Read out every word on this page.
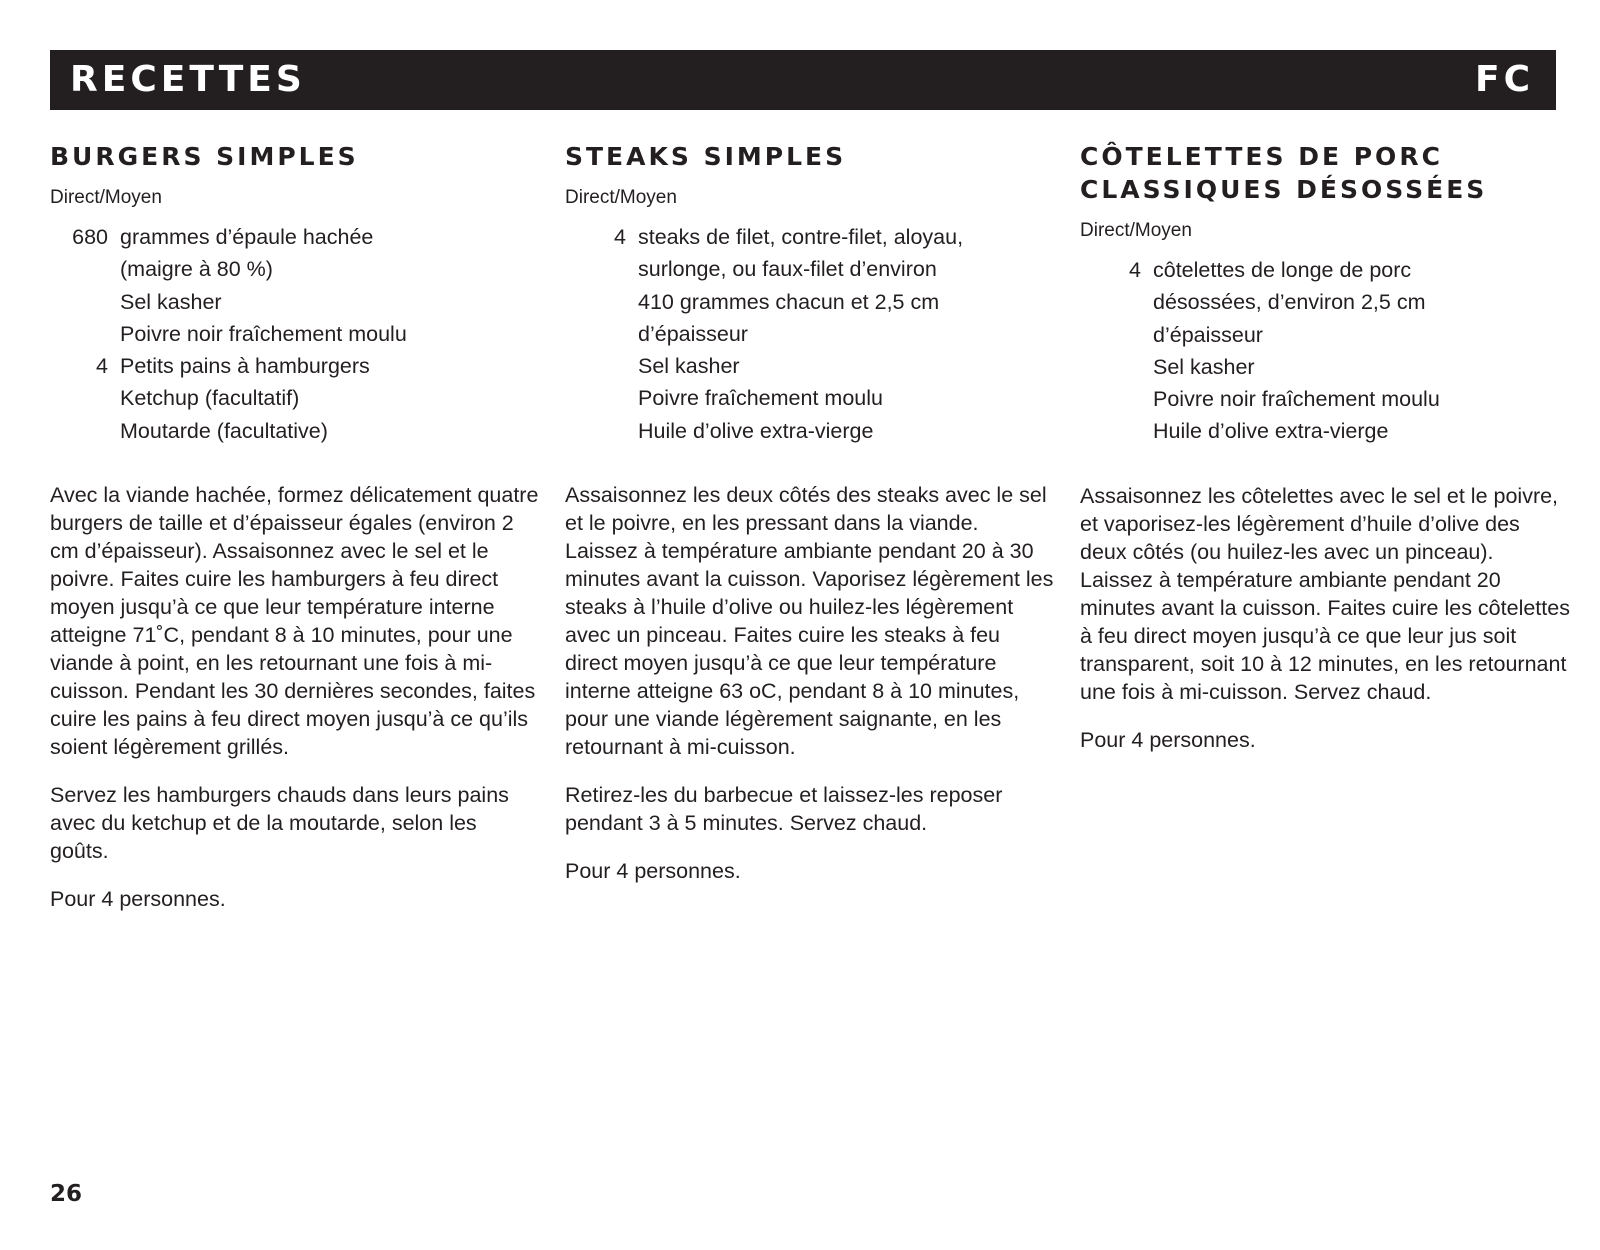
RECETTES	FC
BURGERS SIMPLES
Direct/Moyen
680 grammes d’épaule hachée
(maigre à 80 %)
Sel kasher
Poivre noir fraîchement moulu
4 Petits pains à hamburgers
Ketchup (facultatif)
Moutarde (facultative)

Avec la viande hachée, formez délicatement quatre burgers de taille et d’épaisseur égales (environ 2 cm d’épaisseur). Assaisonnez avec le sel et le poivre. Faites cuire les hamburgers à feu direct moyen jusqu’à ce que leur température interne atteigne 71˚C, pendant 8 à 10 minutes, pour une viande à point, en les retournant une fois à mi-cuisson. Pendant les 30 dernières secondes, faites cuire les pains à feu direct moyen jusqu’à ce qu’ils soient légèrement grillés.

Servez les hamburgers chauds dans leurs pains avec du ketchup et de la moutarde, selon les goûts.

Pour 4 personnes.

STEAKS SIMPLES
Direct/Moyen
4 steaks de filet, contre-filet, aloyau,
surlonge, ou faux-filet d’environ
410 grammes chacun et 2,5 cm
d’épaisseur
Sel kasher
Poivre fraîchement moulu
Huile d’olive extra-vierge

Assaisonnez les deux côtés des steaks avec le sel et le poivre, en les pressant dans la viande. Laissez à température ambiante pendant 20 à 30 minutes avant la cuisson. Vaporisez légèrement les steaks à l’huile d’olive ou huilez-les légèrement avec un pinceau. Faites cuire les steaks à feu direct moyen jusqu’à ce que leur température interne atteigne 63 oC, pendant 8 à 10 minutes, pour une viande légèrement saignante, en les retournant à mi-cuisson.

Retirez-les du barbecue et laissez-les reposer pendant 3 à 5 minutes. Servez chaud.

Pour 4 personnes.

CÔTELETTES DE PORC CLASSIQUES DÉSOSSÉES
Direct/Moyen
4 côtelettes de longe de porc
désossées, d’environ 2,5 cm
d’épaisseur
Sel kasher
Poivre noir fraîchement moulu
Huile d’olive extra-vierge

Assaisonnez les côtelettes avec le sel et le poivre, et vaporisez-les légèrement d’huile d’olive des deux côtés (ou huilez-les avec un pinceau). Laissez à température ambiante pendant 20 minutes avant la cuisson. Faites cuire les côtelettes à feu direct moyen jusqu’à ce que leur jus soit transparent, soit 10 à 12 minutes, en les retournant une fois à mi-cuisson. Servez chaud.

Pour 4 personnes.

26
